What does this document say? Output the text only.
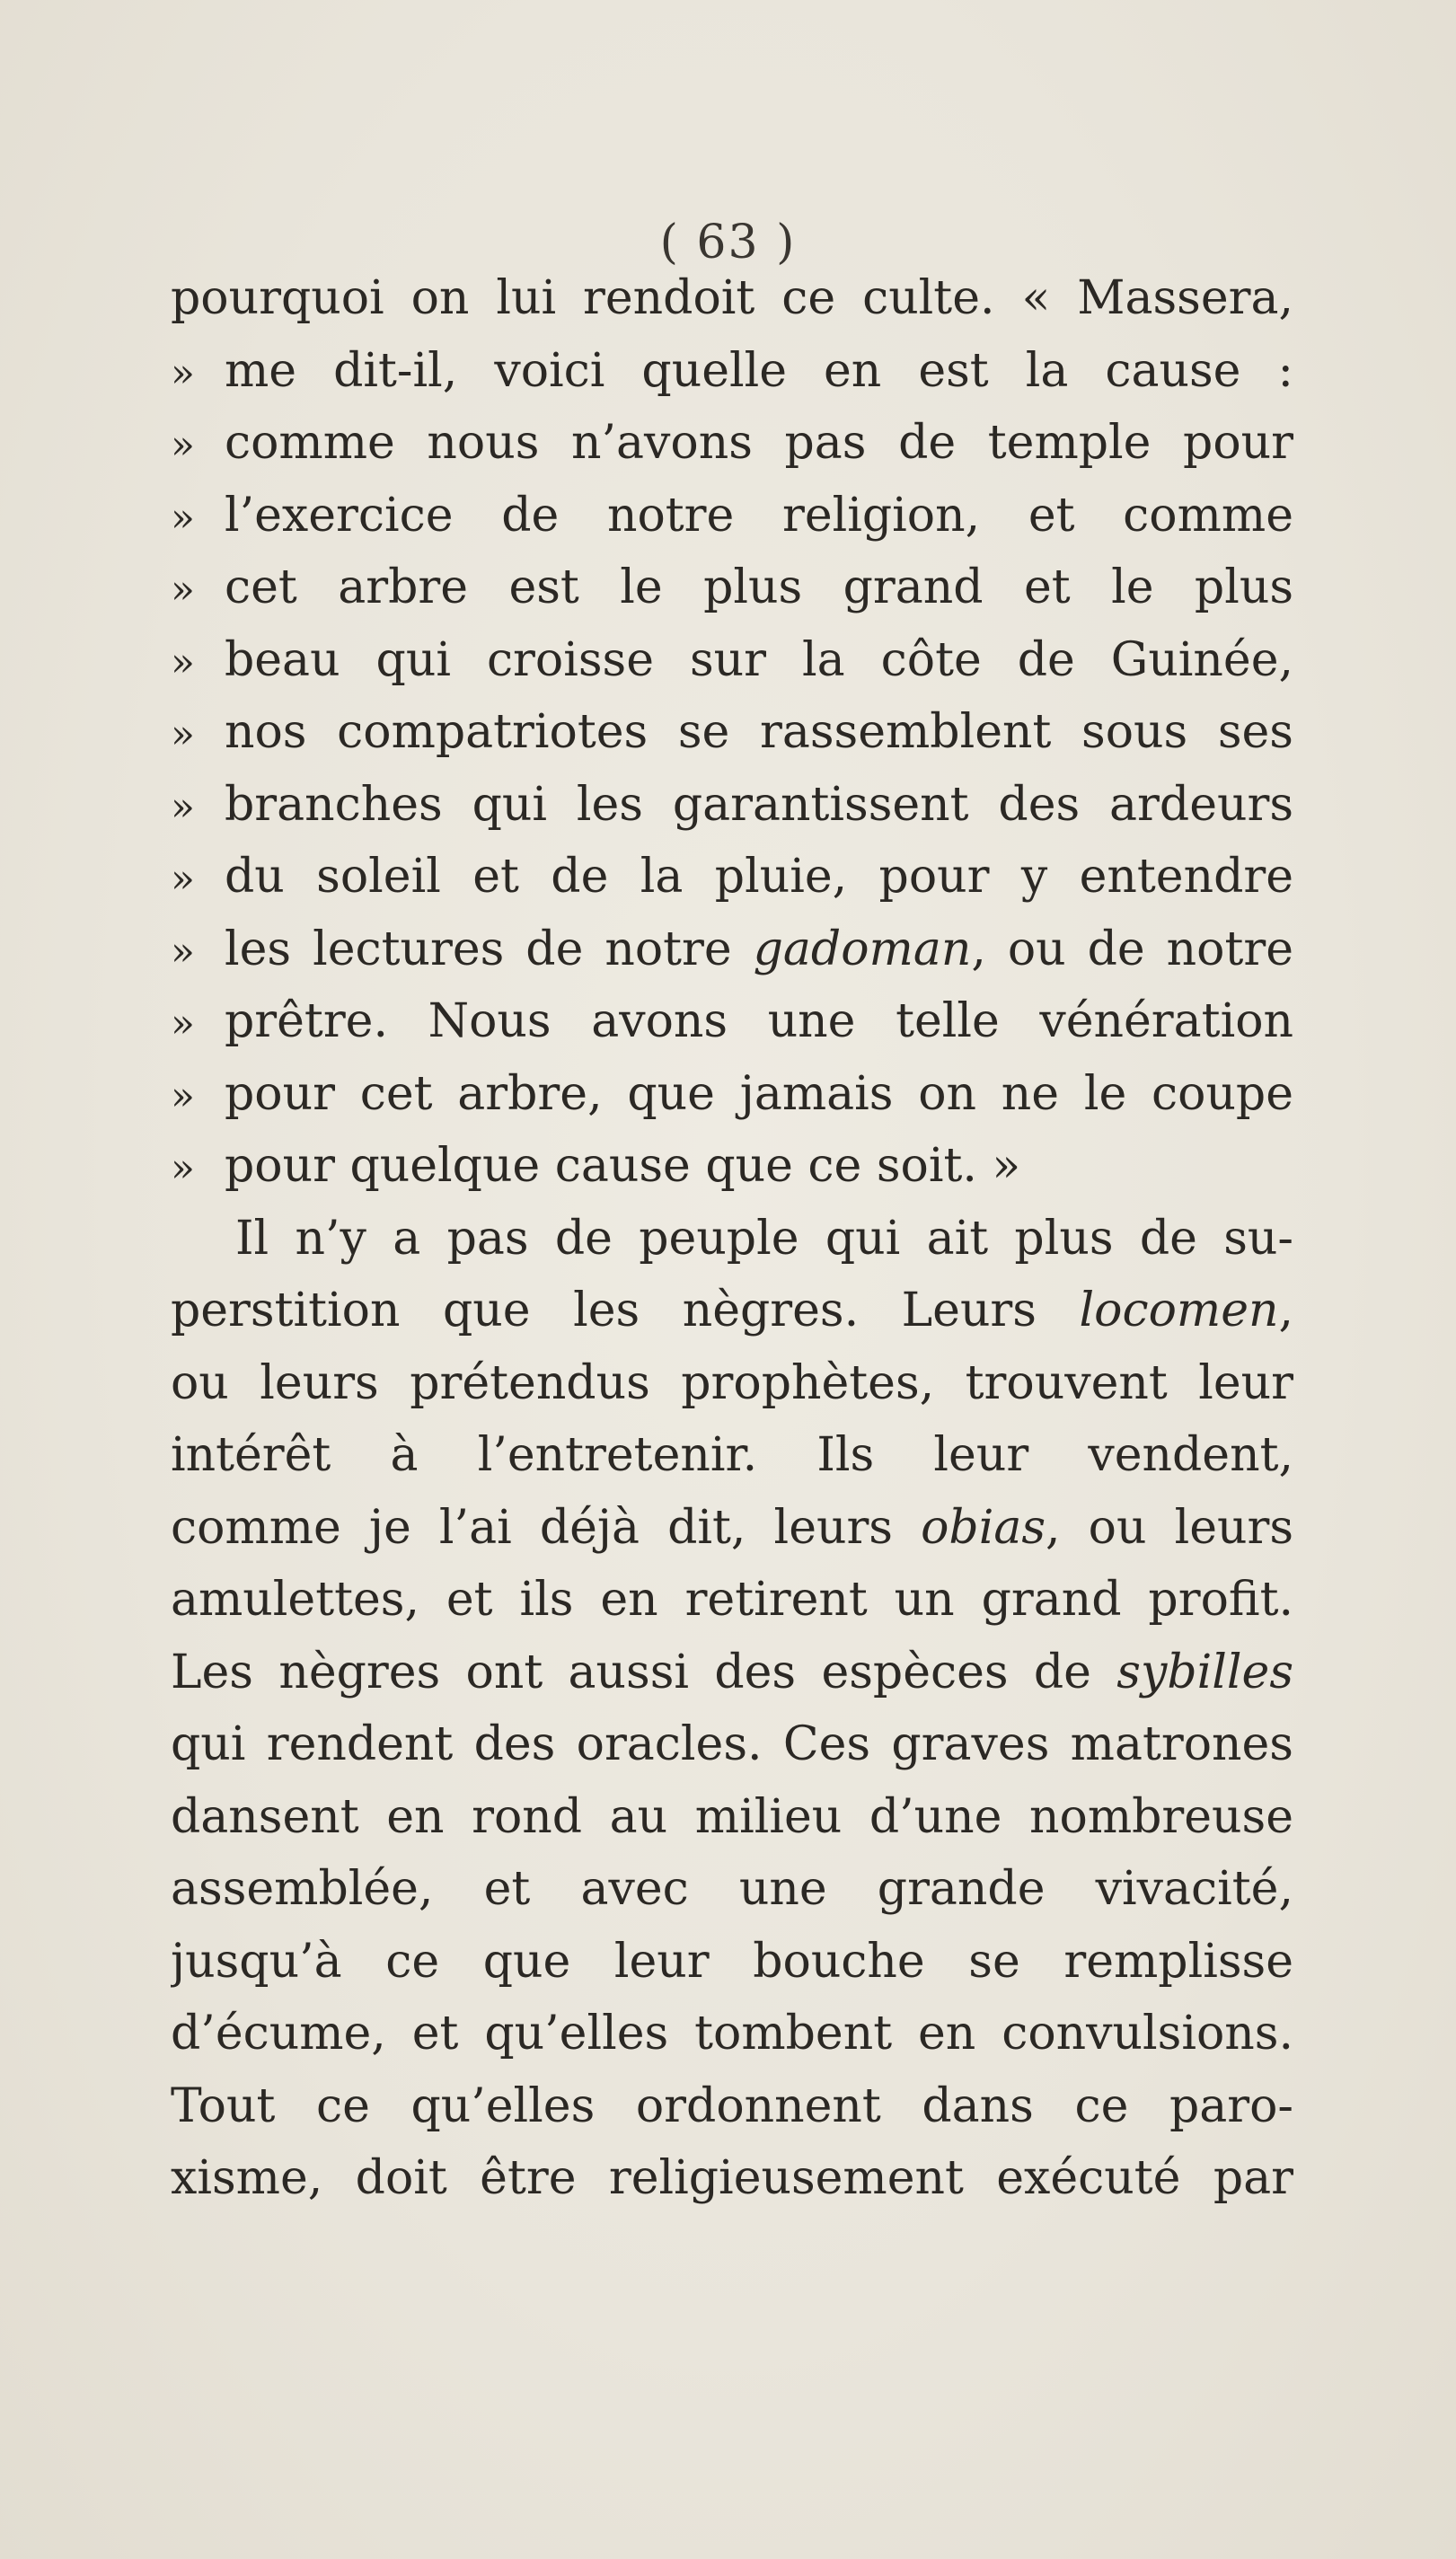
( 63 )
pourquoi on lui rendoit ce culte. « Massera,
» me dit-il, voici quelle en est la cause :
» comme nous n’avons pas de temple pour
» l’exercice de notre religion, et comme
» cet arbre est le plus grand et le plus
» beau qui croisse sur la côte de Guinée,
» nos compatriotes se rassemblent sous ses
» branches qui les garantissent des ardeurs
» du soleil et de la pluie, pour y entendre
» les lectures de notre gadoman, ou de notre
» prêtre. Nous avons une telle vénération
» pour cet arbre, que jamais on ne le coupe
» pour quelque cause que ce soit. »
Il n’y a pas de peuple qui ait plus de su-
perstition que les nègres. Leurs locomen,
ou leurs prétendus prophètes, trouvent leur
intérêt à l’entretenir. Ils leur vendent,
comme je l’ai déjà dit, leurs obias, ou leurs
amulettes, et ils en retirent un grand profit.
Les nègres ont aussi des espèces de sybilles
qui rendent des oracles. Ces graves matrones
dansent en rond au milieu d’une nombreuse
assemblée, et avec une grande vivacité,
jusqu’à ce que leur bouche se remplisse
d’écume, et qu’elles tombent en convulsions.
Tout ce qu’elles ordonnent dans ce paro-
xisme, doit être religieusement exécuté par
